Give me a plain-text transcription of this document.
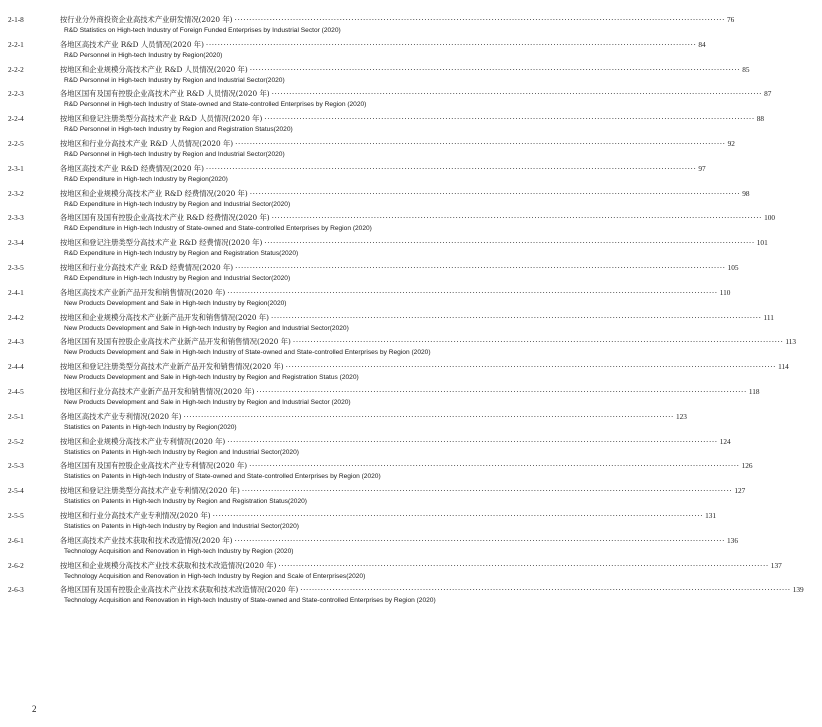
2-1-8	按行业分外商投资企业高技术产业研发情况(2020 年) ········································································································································································ 76
R&D Statistics on High-tech Industry of Foreign Funded Enterprises by Industrial Sector (2020)
2-2-1	各地区高技术产业 R&D 人员情况(2020 年) ········································································································································································ 84
R&D Personnel in High-tech Industry by Region(2020)
2-2-2	按地区和企业规模分高技术产业 R&D 人员情况(2020 年) ········································································································································································ 85
R&D Personnel in High-tech Industry by Region and Industrial Sector(2020)
2-2-3	各地区国有及国有控股企业高技术产业 R&D 人员情况(2020 年) ········································································································································································ 87
R&D Personnel in High-tech Industry of State-owned and State-controlled Enterprises by Region (2020)
2-2-4	按地区和登记注册类型分高技术产业 R&D 人员情况(2020 年) ········································································································································································ 88
R&D Personnel in High-tech Industry by Region and Registration Status(2020)
2-2-5	按地区和行业分高技术产业 R&D 人员情况(2020 年) ········································································································································································ 92
R&D Personnel in High-tech Industry by Region and Industrial Sector(2020)
2-3-1	各地区高技术产业 R&D 经费情况(2020 年) ········································································································································································ 97
R&D Expenditure in High-tech Industry by Region(2020)
2-3-2	按地区和企业规模分高技术产业 R&D 经费情况(2020 年) ········································································································································································ 98
R&D Expenditure in High-tech Industry by Region and Industrial Sector(2020)
2-3-3	各地区国有及国有控股企业高技术产业 R&D 经费情况(2020 年) ········································································································································································ 100
R&D Expenditure in High-tech Industry of State-owned and State-controlled Enterprises by Region (2020)
2-3-4	按地区和登记注册类型分高技术产业 R&D 经费情况(2020 年) ········································································································································································ 101
R&D Expenditure in High-tech Industry by Region and Registration Status(2020)
2-3-5	按地区和行业分高技术产业 R&D 经费情况(2020 年) ········································································································································································ 105
R&D Expenditure in High-tech Industry by Region and Industrial Sector(2020)
2-4-1	各地区高技术产业新产品开发和销售情况(2020 年) ········································································································································································ 110
New Products Development and Sale in High-tech Industry by Region(2020)
2-4-2	按地区和企业规模分高技术产业新产品开发和销售情况(2020 年) ········································································································································································ 111
New Products Development and Sale in High-tech Industry by Region and Industrial Sector(2020)
2-4-3	各地区国有及国有控股企业高技术产业新产品开发和销售情况(2020 年) ········································································································································································ 113
New Products Development and Sale in High-tech Industry of State-owned and State-controlled Enterprises by Region (2020)
2-4-4	按地区和登记注册类型分高技术产业新产品开发和销售情况(2020 年) ········································································································································································ 114
New Products Development and Sale in High-tech Industry by Region and Registration Status (2020)
2-4-5	按地区和行业分高技术产业新产品开发和销售情况(2020 年) ········································································································································································ 118
New Products Development and Sale in High-tech Industry by Region and Industrial Sector (2020)
2-5-1	各地区高技术产业专利情况(2020 年) ········································································································································································ 123
Statistics on Patents in High-tech Industry by Region(2020)
2-5-2	按地区和企业规模分高技术产业专利情况(2020 年) ········································································································································································ 124
Statistics on Patents in High-tech Industry by Region and Industrial Sector(2020)
2-5-3	各地区国有及国有控股企业高技术产业专利情况(2020 年) ········································································································································································ 126
Statistics on Patents in High-tech Industry of State-owned and State-controlled Enterprises by Region (2020)
2-5-4	按地区和登记注册类型分高技术产业专利情况(2020 年) ········································································································································································ 127
Statistics on Patents in High-tech Industry by Region and Registration Status(2020)
2-5-5	按地区和行业分高技术产业专利情况(2020 年) ········································································································································································ 131
Statistics on Patents in High-tech Industry by Region and Industrial Sector(2020)
2-6-1	各地区高技术产业技术获取和技术改造情况(2020 年) ········································································································································································ 136
Technology Acquisition and Renovation in High-tech Industry by Region (2020)
2-6-2	按地区和企业规模分高技术产业技术获取和技术改造情况(2020 年) ········································································································································································ 137
Technology Acquisition and Renovation in High-tech Industry by Region and Scale of Enterprises(2020)
2-6-3	各地区国有及国有控股企业高技术产业技术获取和技术改造情况(2020 年) ········································································································································································ 139
Technology Acquisition and Renovation in High-tech Industry of State-owned and State-controlled Enterprises by Region (2020)
2
